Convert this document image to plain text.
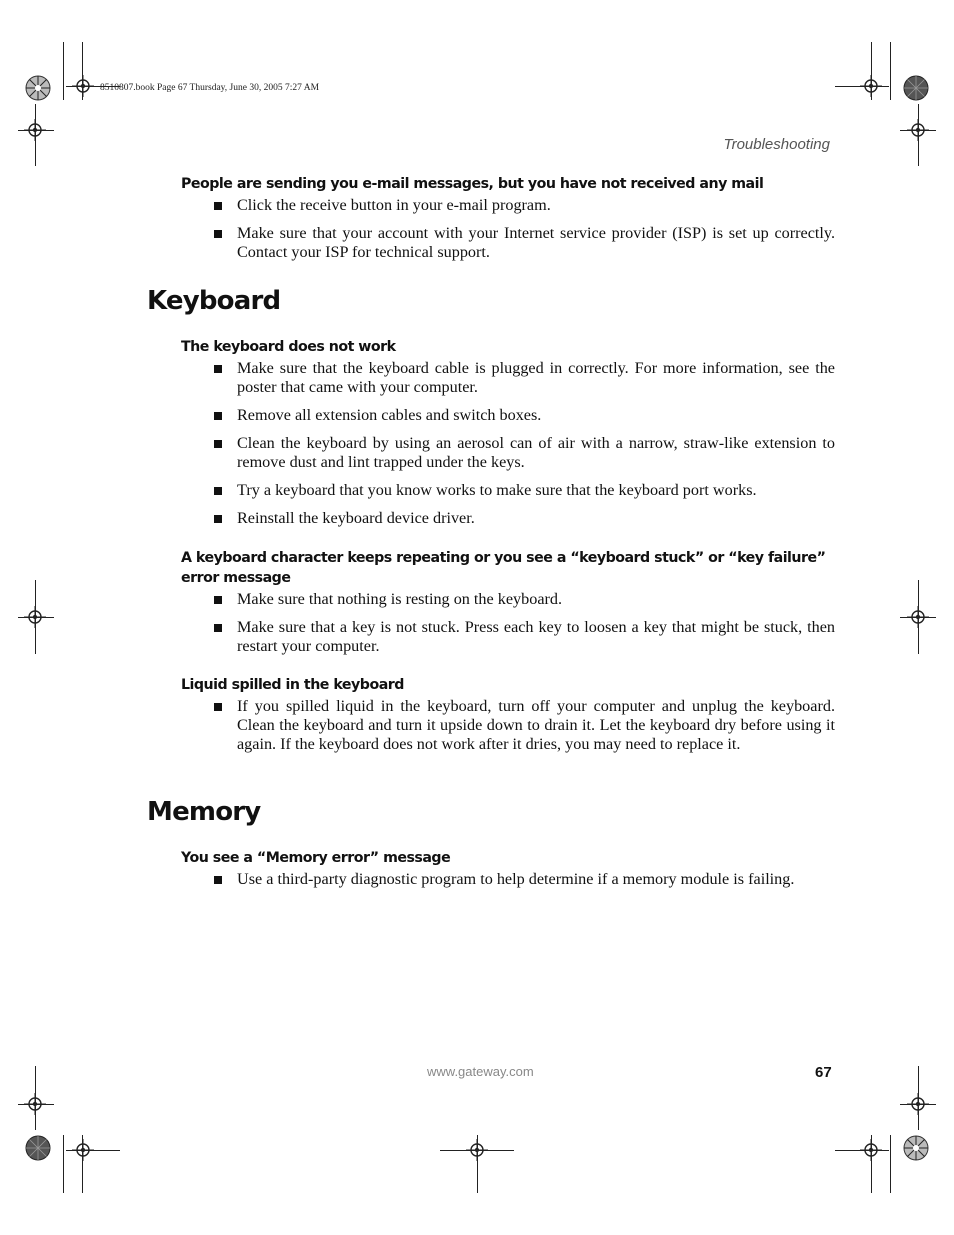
8510807.book Page 67 Thursday, June 30, 2005 7:27 AM
Troubleshooting
People are sending you e-mail messages, but you have not received any mail
Click the receive button in your e-mail program.
Make sure that your account with your Internet service provider (ISP) is set up correctly. Contact your ISP for technical support.
Keyboard
The keyboard does not work
Make sure that the keyboard cable is plugged in correctly. For more information, see the poster that came with your computer.
Remove all extension cables and switch boxes.
Clean the keyboard by using an aerosol can of air with a narrow, straw-like extension to remove dust and lint trapped under the keys.
Try a keyboard that you know works to make sure that the keyboard port works.
Reinstall the keyboard device driver.
A keyboard character keeps repeating or you see a “keyboard stuck” or “key failure”
error message
Make sure that nothing is resting on the keyboard.
Make sure that a key is not stuck. Press each key to loosen a key that might be stuck, then restart your computer.
Liquid spilled in the keyboard
If you spilled liquid in the keyboard, turn off your computer and unplug the keyboard. Clean the keyboard and turn it upside down to drain it. Let the keyboard dry before using it again. If the keyboard does not work after it dries, you may need to replace it.
Memory
You see a “Memory error” message
Use a third-party diagnostic program to help determine if a memory module is failing.
www.gateway.com	67
